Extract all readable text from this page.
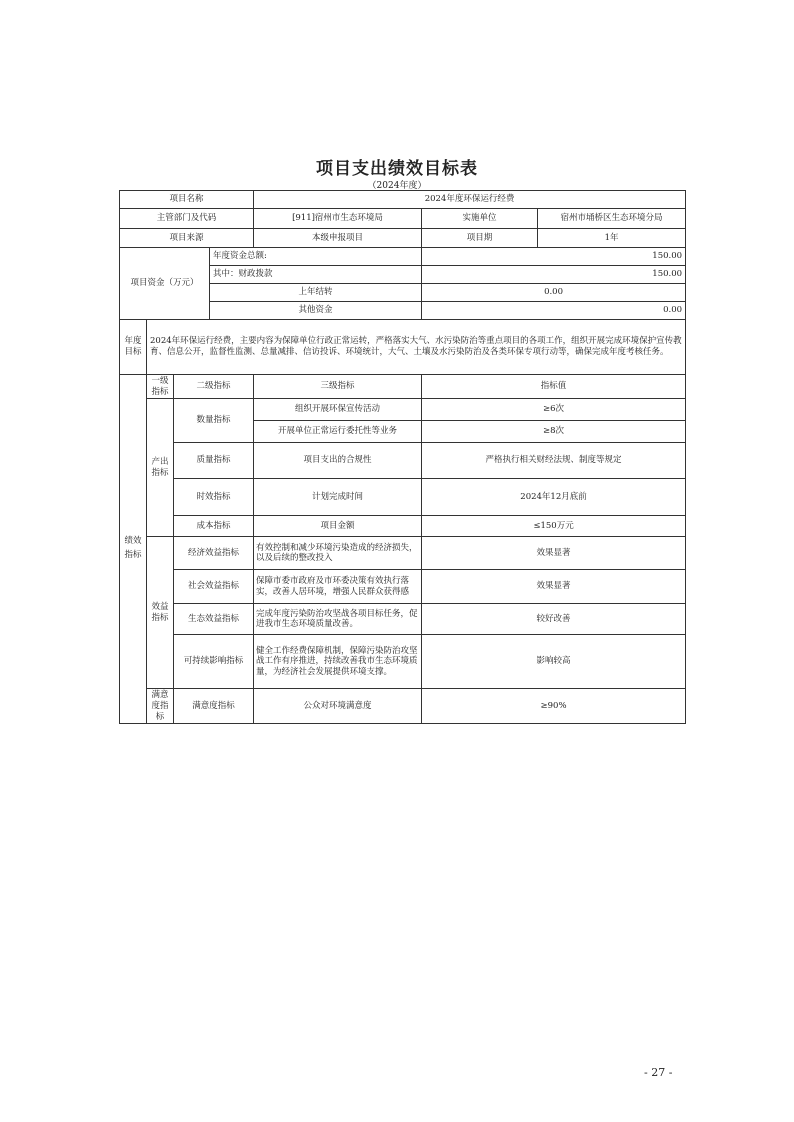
项目支出绩效目标表
（2024年度）
项目名称				2024年度环保运行经费		
主管部门及代码				[911]宿州市生态环境局	实施单位	宿州市埇桥区生态环境分局
项目来源				本级申报项目	项目期	1年
项目资金（万元）			年度资金总额:		150.00	
			其中：财政拨款		150.00	
			上年结转		0.00	
			其他资金		0.00	
年度目标	2024年环保运行经费，主要内容为保障单位行政正常运转，严格落实大气、水污染防治等重点项目的各项工作，组织开展完成环境保护宣传教育、信息公开，监督性监测、总量减排、信访投诉、环境统计，大气、土壤及水污染防治及各类环保专项行动等，确保完成年度考核任务。					
绩效指标	一级指标	二级指标		三级指标	指标值	
	产出指标	数量指标		组织开展环保宣传活动	≥6次	
				开展单位正常运行委托性等业务	≥8次	
		质量指标		项目支出的合规性	严格执行相关财经法规、制度等规定	
		时效指标		计划完成时间	2024年12月底前	

		成本指标		项目金额	≤150万元	
	效益指标	经济效益指标		有效控制和减少环境污染造成的经济损失，以及后续的整改投入	效果显著	
		社会效益指标		保障市委市政府及市环委决策有效执行落实，改善人居环境，增强人民群众获得感	效果显著	
		生态效益指标		完成年度污染防治攻坚战各项目标任务，促进我市生态环境质量改善。	较好改善	
		可持续影响指标		健全工作经费保障机制，保障污染防治攻坚战工作有序推进，持续改善我市生态环境质量，为经济社会发展提供环境支撑。	影响较高	
	满意度指标	满意度指标		公众对环境满意度	≥90%	
- 27 -
